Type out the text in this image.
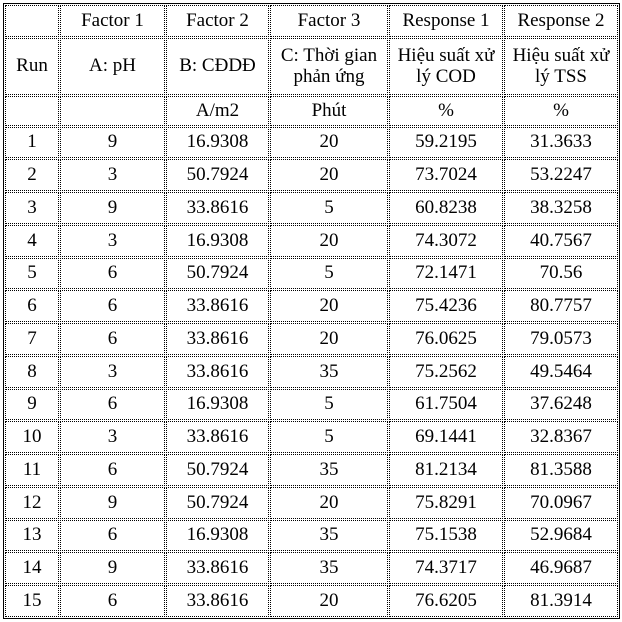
	Factor 1	Factor 2	Factor 3	Response 1	Response 2
Run	A: pH	B: CĐDĐ	C: Thời gian phản ứng	Hiệu suất xử lý COD	Hiệu suất xử lý TSS
		A/m2	Phút	%	%
1	9	16.9308	20	59.2195	31.3633
2	3	50.7924	20	73.7024	53.2247
3	9	33.8616	5	60.8238	38.3258
4	3	16.9308	20	74.3072	40.7567
5	6	50.7924	5	72.1471	70.56
6	6	33.8616	20	75.4236	80.7757
7	6	33.8616	20	76.0625	79.0573
8	3	33.8616	35	75.2562	49.5464
9	6	16.9308	5	61.7504	37.6248
10	3	33.8616	5	69.1441	32.8367
11	6	50.7924	35	81.2134	81.3588
12	9	50.7924	20	75.8291	70.0967
13	6	16.9308	35	75.1538	52.9684
14	9	33.8616	35	74.3717	46.9687
15	6	33.8616	20	76.6205	81.3914
